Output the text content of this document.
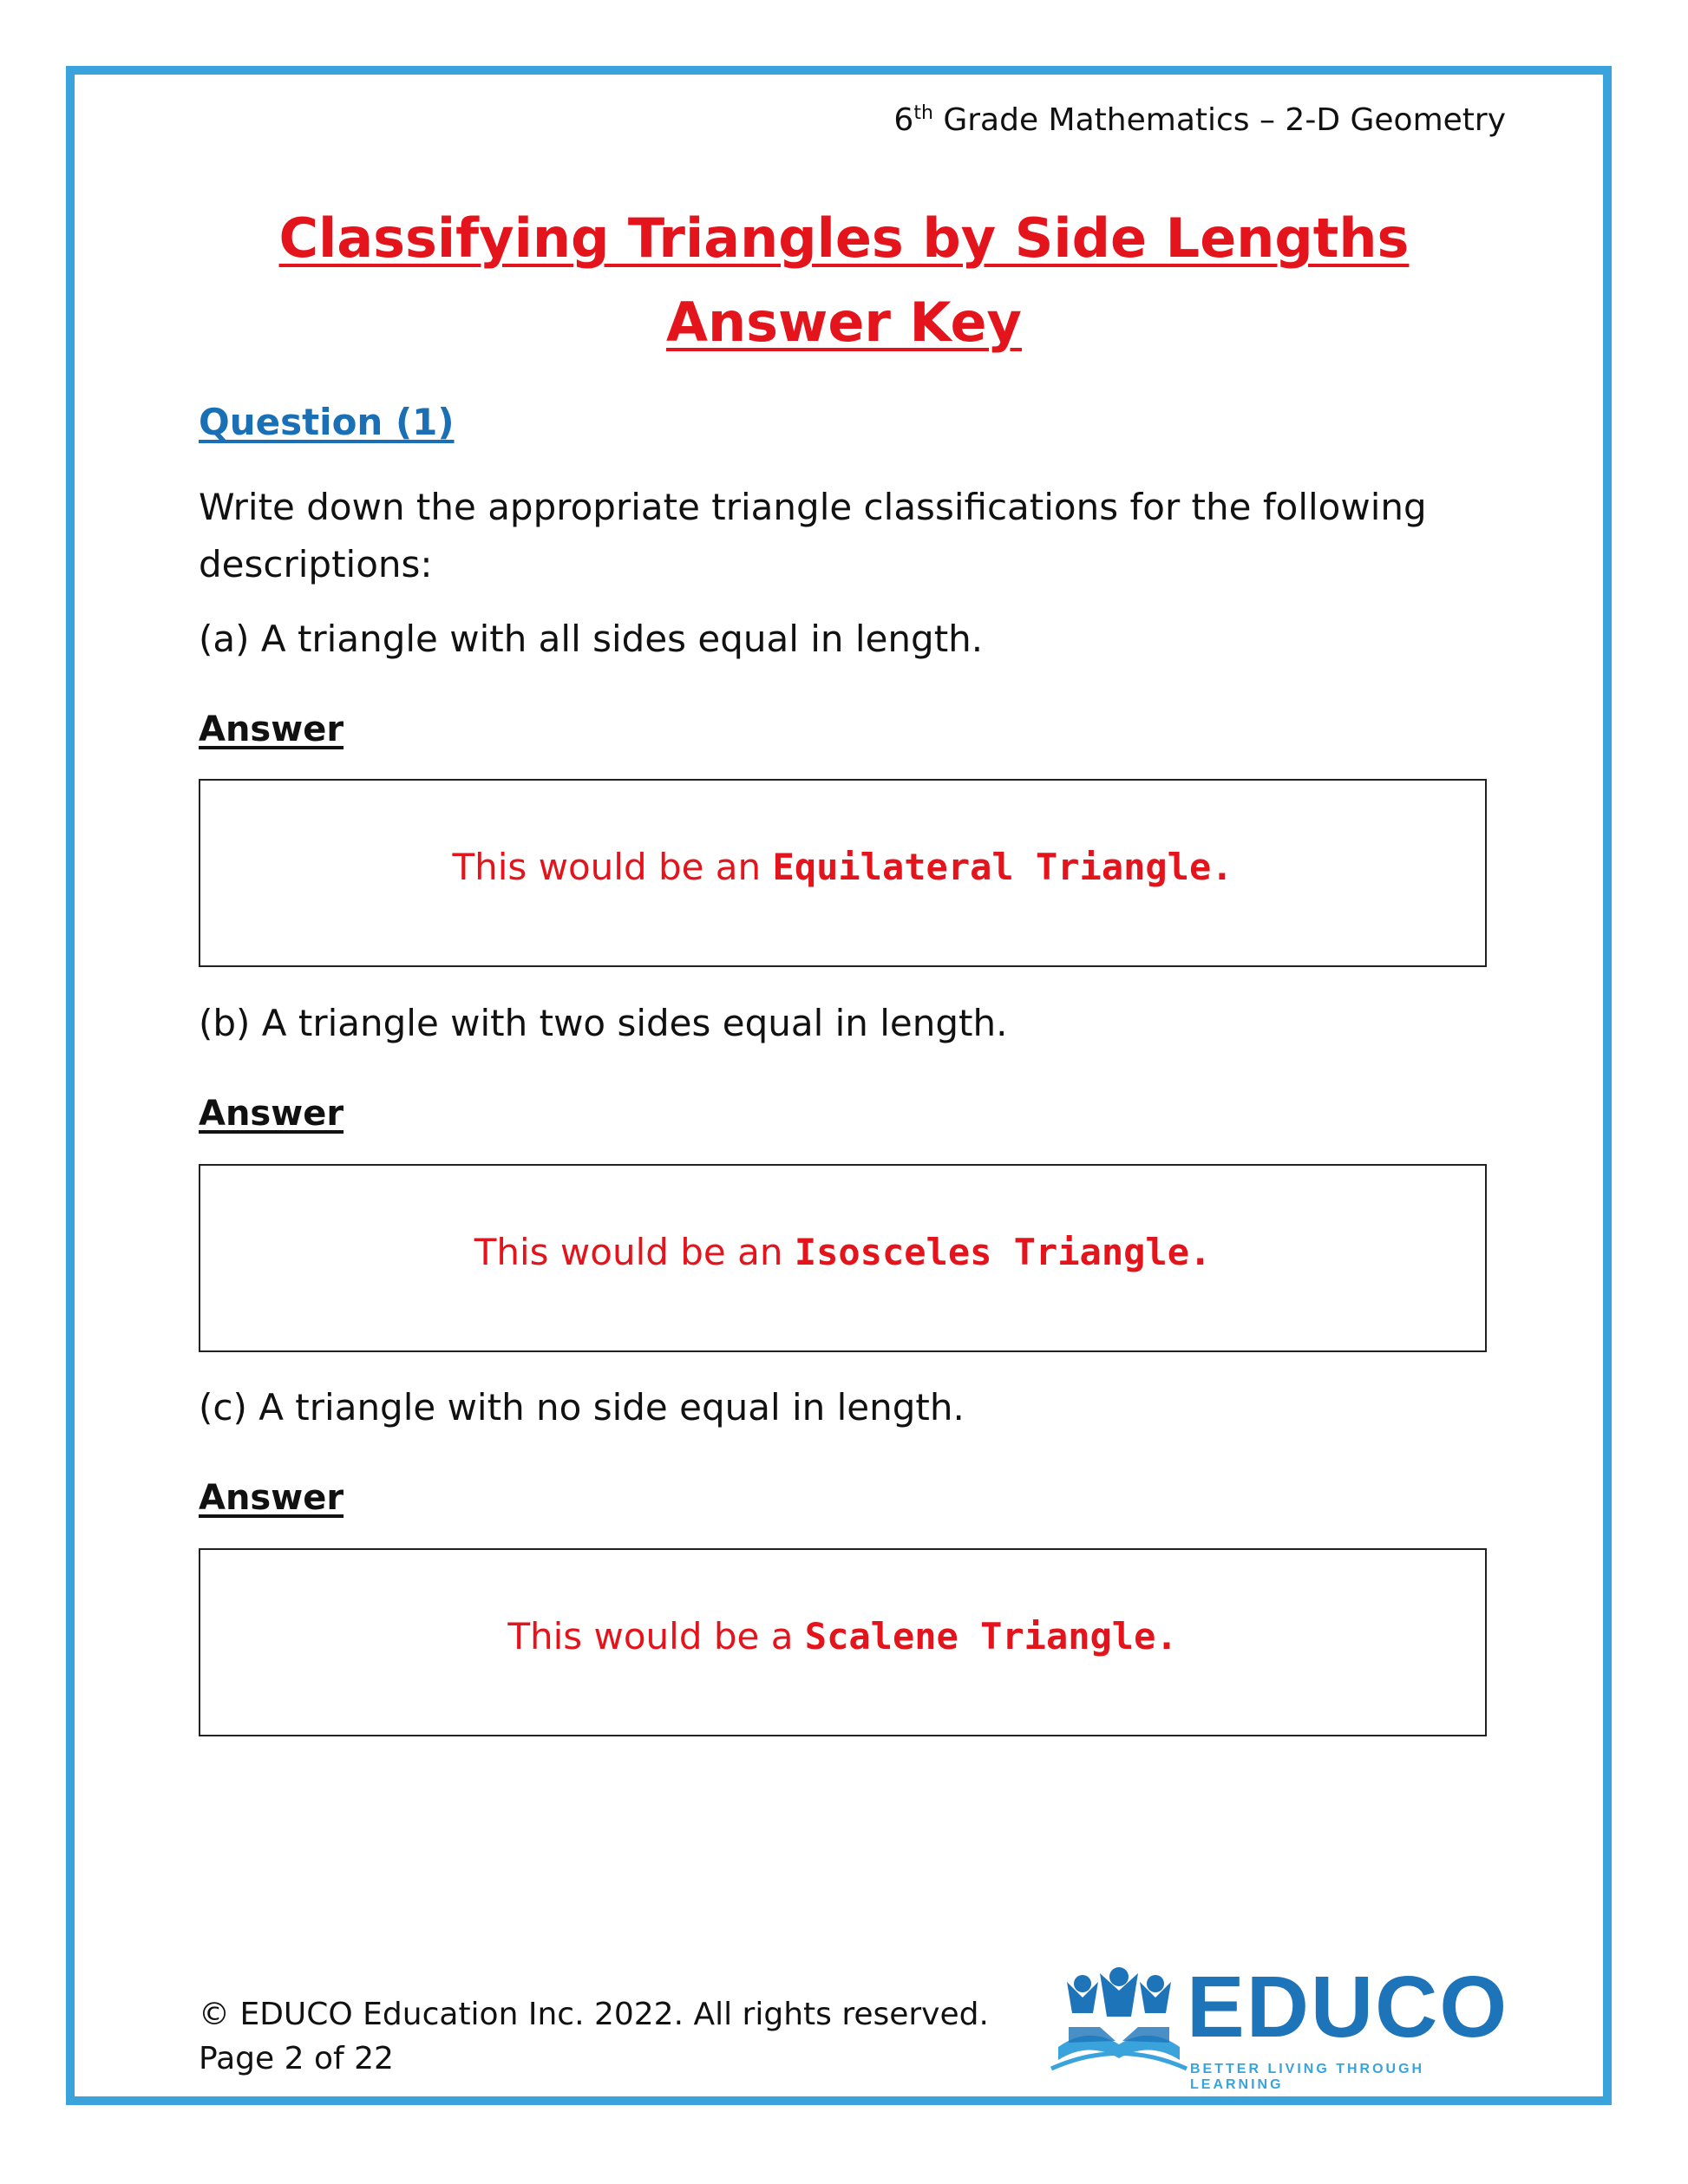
6th Grade Mathematics – 2-D Geometry
Classifying Triangles by Side Lengths
Answer Key
Question (1)
Write down the appropriate triangle classifications for the following descriptions:
(a) A triangle with all sides equal in length.
Answer
This would be an Equilateral Triangle.
(b) A triangle with two sides equal in length.
Answer
This would be an Isosceles Triangle.
(c) A triangle with no side equal in length.
Answer
This would be a Scalene Triangle.
© EDUCO Education Inc. 2022. All rights reserved.
Page 2 of 22
EDUCO
BETTER LIVING THROUGH LEARNING
